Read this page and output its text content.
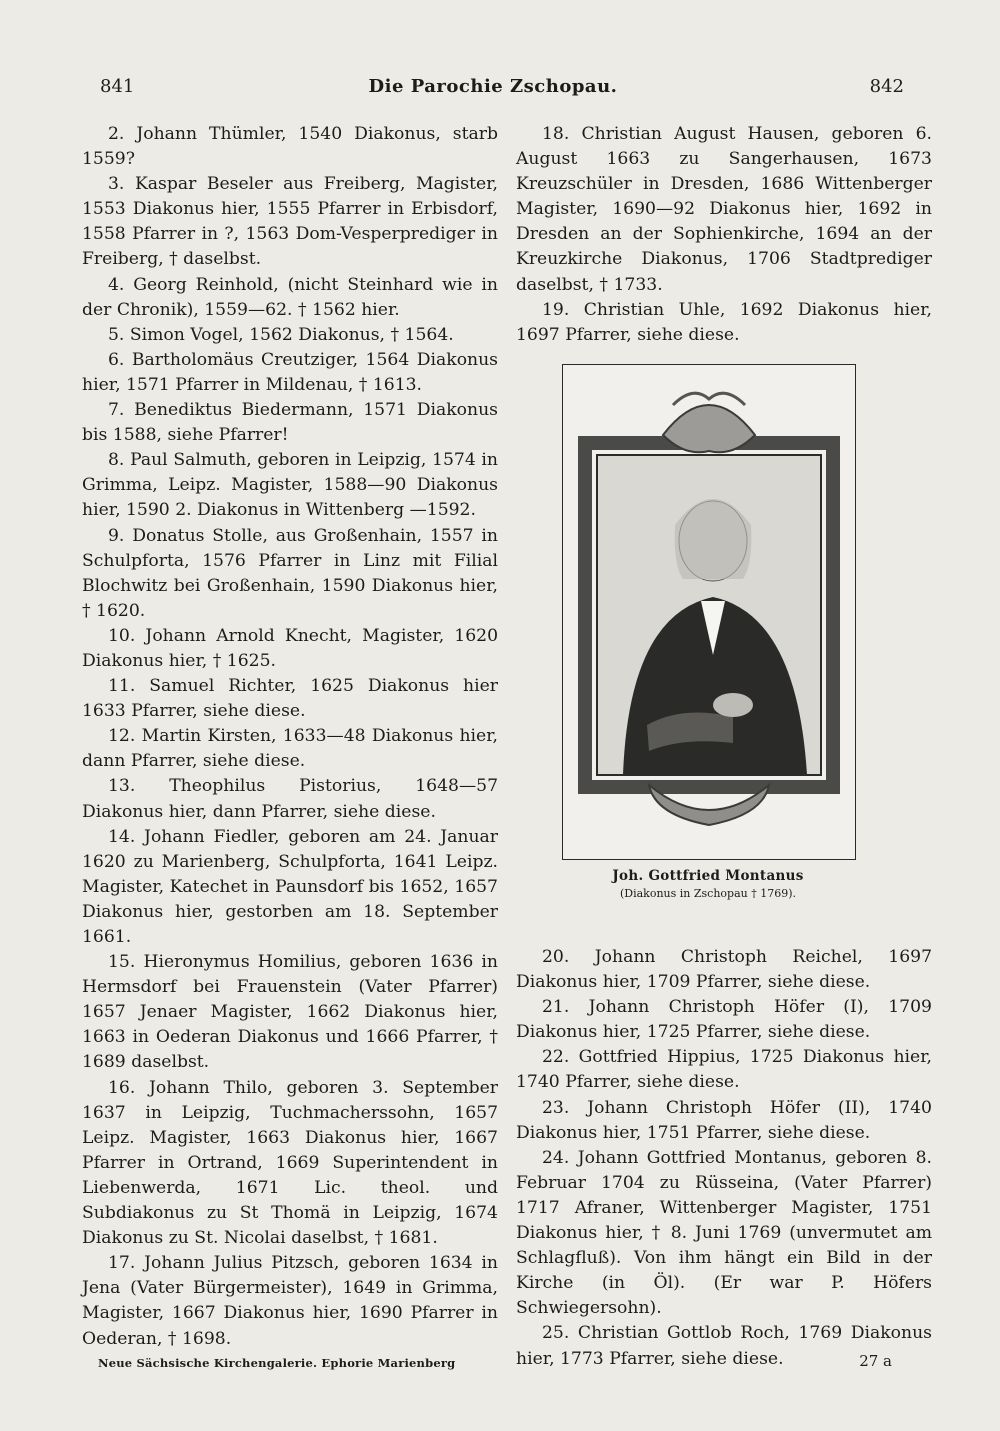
841	Die Parochie Zschopau.	842

2. Johann Thümler, 1540 Diakonus, starb 1559?

3. Kaspar Beseler aus Freiberg, Magister, 1553 Diakonus hier, 1555 Pfarrer in Erbisdorf, 1558 Pfarrer in ?, 1563 Dom-Vesperprediger in Freiberg, † daselbst.

4. Georg Reinhold, (nicht Steinhard wie in der Chronik), 1559—62. † 1562 hier.

5. Simon Vogel, 1562 Diakonus, † 1564.

6. Bartholomäus Creutziger, 1564 Diakonus hier, 1571 Pfarrer in Mildenau, † 1613.

7. Benediktus Biedermann, 1571 Diakonus bis 1588, siehe Pfarrer!

8. Paul Salmuth, geboren in Leipzig, 1574 in Grimma, Leipz. Magister, 1588—90 Diakonus hier, 1590 2. Diakonus in Wittenberg —1592.

9. Donatus Stolle, aus Großenhain, 1557 in Schulpforta, 1576 Pfarrer in Linz mit Filial Blochwitz bei Großenhain, 1590 Diakonus hier, † 1620.

10. Johann Arnold Knecht, Magister, 1620 Diakonus hier, † 1625.

11. Samuel Richter, 1625 Diakonus hier 1633 Pfarrer, siehe diese.

12. Martin Kirsten, 1633—48 Diakonus hier, dann Pfarrer, siehe diese.

13. Theophilus Pistorius, 1648—57 Diakonus hier, dann Pfarrer, siehe diese.

14. Johann Fiedler, geboren am 24. Januar 1620 zu Marienberg, Schulpforta, 1641 Leipz. Magister, Katechet in Paunsdorf bis 1652, 1657 Diakonus hier, gestorben am 18. September 1661.

15. Hieronymus Homilius, geboren 1636 in Hermsdorf bei Frauenstein (Vater Pfarrer) 1657 Jenaer Magister, 1662 Diakonus hier, 1663 in Oederan Diakonus und 1666 Pfarrer, † 1689 daselbst.

16. Johann Thilo, geboren 3. September 1637 in Leipzig, Tuchmacherssohn, 1657 Leipz. Magister, 1663 Diakonus hier, 1667 Pfarrer in Ortrand, 1669 Superintendent in Liebenwerda, 1671 Lic. theol. und Subdiakonus zu St Thomä in Leipzig, 1674 Diakonus zu St. Nicolai daselbst, † 1681.

17. Johann Julius Pitzsch, geboren 1634 in Jena (Vater Bürgermeister), 1649 in Grimma, Magister, 1667 Diakonus hier, 1690 Pfarrer in Oederan, † 1698.

18. Christian August Hausen, geboren 6. August 1663 zu Sangerhausen, 1673 Kreuzschüler in Dresden, 1686 Wittenberger Magister, 1690—92 Diakonus hier, 1692 in Dresden an der Sophienkirche, 1694 an der Kreuzkirche Diakonus, 1706 Stadtprediger daselbst, † 1733.

19. Christian Uhle, 1692 Diakonus hier, 1697 Pfarrer, siehe diese.

Joh. Gottfried Montanus
(Diakonus in Zschopau † 1769).

20. Johann Christoph Reichel, 1697 Diakonus hier, 1709 Pfarrer, siehe diese.

21. Johann Christoph Höfer (I), 1709 Diakonus hier, 1725 Pfarrer, siehe diese.

22. Gottfried Hippius, 1725 Diakonus hier, 1740 Pfarrer, siehe diese.

23. Johann Christoph Höfer (II), 1740 Diakonus hier, 1751 Pfarrer, siehe diese.

24. Johann Gottfried Montanus, geboren 8. Februar 1704 zu Rüsseina, (Vater Pfarrer) 1717 Afraner, Wittenberger Magister, 1751 Diakonus hier, † 8. Juni 1769 (unvermutet am Schlagfluß). Von ihm hängt ein Bild in der Kirche (in Öl). (Er war P. Höfers Schwiegersohn).

25. Christian Gottlob Roch, 1769 Diakonus hier, 1773 Pfarrer, siehe diese.

Neue Sächsische Kirchengalerie. Ephorie Marienberg	27 a
